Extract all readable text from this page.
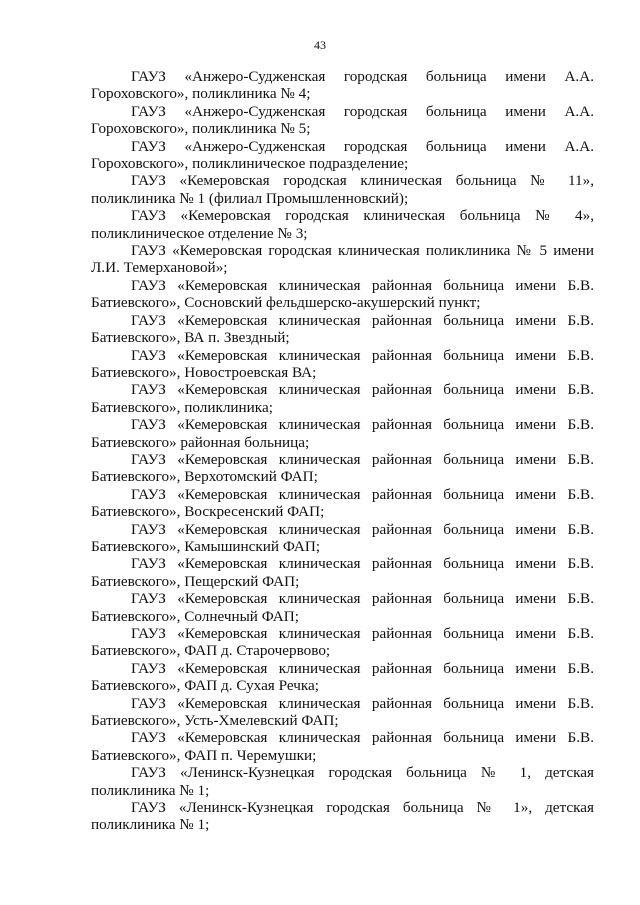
43

ГАУЗ «Анжеро-Судженская городская больница имени А.А. Гороховского», поликлиника № 4;

ГАУЗ «Анжеро-Судженская городская больница имени А.А. Гороховского», поликлиника № 5;

ГАУЗ «Анжеро-Судженская городская больница имени А.А. Гороховского», поликлиническое подразделение;

ГАУЗ «Кемеровская городская клиническая больница № 11», поликлиника № 1 (филиал Промышленновский);

ГАУЗ «Кемеровская городская клиническая больница № 4», поликлиническое отделение № 3;

ГАУЗ «Кемеровская городская клиническая поликлиника № 5 имени Л.И. Темерхановой»;

ГАУЗ «Кемеровская клиническая районная больница имени Б.В. Батиевского», Сосновский фельдшерско-акушерский пункт;

ГАУЗ «Кемеровская клиническая районная больница имени Б.В. Батиевского», ВА п. Звездный;

ГАУЗ «Кемеровская клиническая районная больница имени Б.В. Батиевского», Новостроевская ВА;

ГАУЗ «Кемеровская клиническая районная больница имени Б.В. Батиевского», поликлиника;

ГАУЗ «Кемеровская клиническая районная больница имени Б.В. Батиевского» районная больница;

ГАУЗ «Кемеровская клиническая районная больница имени Б.В. Батиевского», Верхотомский ФАП;

ГАУЗ «Кемеровская клиническая районная больница имени Б.В. Батиевского», Воскресенский ФАП;

ГАУЗ «Кемеровская клиническая районная больница имени Б.В. Батиевского», Камышинский ФАП;

ГАУЗ «Кемеровская клиническая районная больница имени Б.В. Батиевского», Пещерский ФАП;

ГАУЗ «Кемеровская клиническая районная больница имени Б.В. Батиевского», Солнечный ФАП;

ГАУЗ «Кемеровская клиническая районная больница имени Б.В. Батиевского», ФАП д. Старочервово;

ГАУЗ «Кемеровская клиническая районная больница имени Б.В. Батиевского», ФАП д. Сухая Речка;

ГАУЗ «Кемеровская клиническая районная больница имени Б.В. Батиевского», Усть-Хмелевский ФАП;

ГАУЗ «Кемеровская клиническая районная больница имени Б.В. Батиевского», ФАП п. Черемушки;

ГАУЗ «Ленинск-Кузнецкая городская больница № 1, детская поликлиника № 1;

ГАУЗ «Ленинск-Кузнецкая городская больница № 1», детская поликлиника № 1;
